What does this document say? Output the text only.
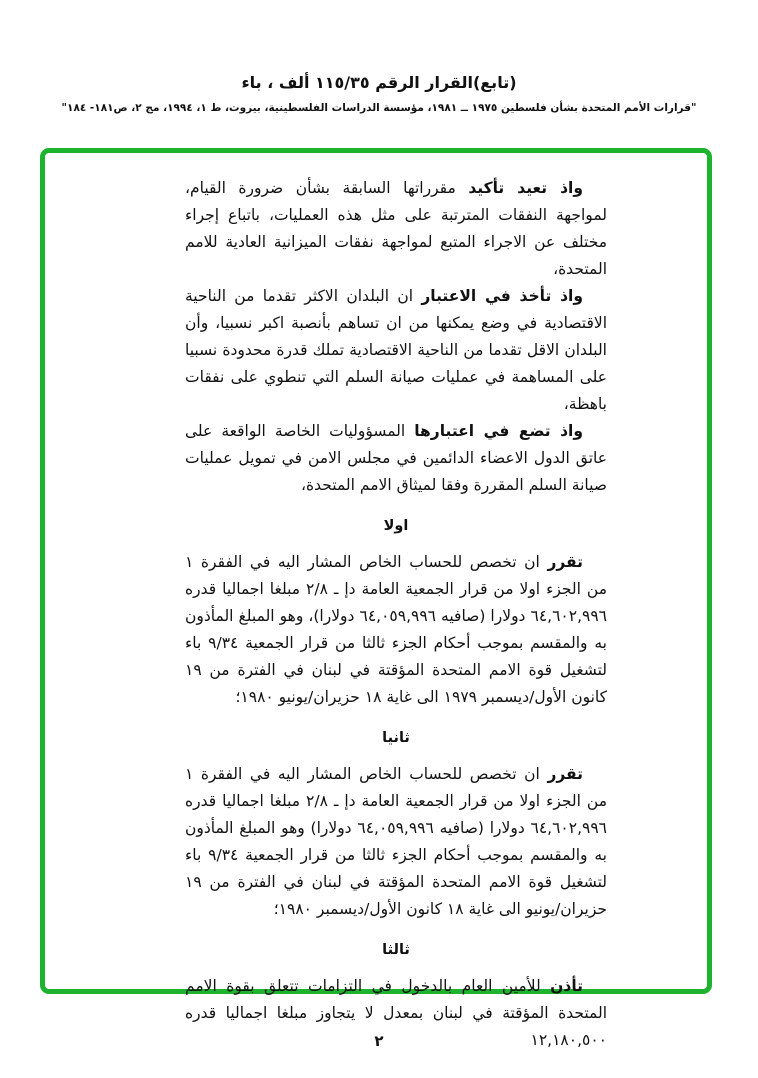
(تابع)القرار الرقم ١١٥/٣٥ ألف ، باء
"قرارات الأمم المتحدة بشأن فلسطين ١٩٧٥ ــ ١٩٨١، مؤسسة الدراسات الفلسطينية، بيروت، ط ١، ١٩٩٤، مج ٢، ص١٨١- ١٨٤"

واذ تعيد تأكيد مقرراتها السابقة بشأن ضرورة القيام، لمواجهة النفقات المترتبة على مثل هذه العمليات، باتباع إجراء مختلف عن الاجراء المتبع لمواجهة نفقات الميزانية العادية للامم المتحدة،

واذ تأخذ في الاعتبار ان البلدان الاكثر تقدما من الناحية الاقتصادية في وضع يمكنها من ان تساهم بأنصبة اكبر نسبيا، وأن البلدان الاقل تقدما من الناحية الاقتصادية تملك قدرة محدودة نسبيا على المساهمة في عمليات صيانة السلم التي تنطوي على نفقات باهظة،

واذ تضع في اعتبارها المسؤوليات الخاصة الواقعة على عاتق الدول الاعضاء الدائمين في مجلس الامن في تمويل عمليات صيانة السلم المقررة وفقا لميثاق الامم المتحدة،

اولا

تقرر ان تخصص للحساب الخاص المشار اليه في الفقرة ١ من الجزء اولا من قرار الجمعية العامة دإ ـ ٢/٨ مبلغا اجماليا قدره ٦٤,٦٠٢,٩٩٦ دولارا (صافيه ٦٤,٠٥٩,٩٩٦ دولارا)، وهو المبلغ المأذون به والمقسم بموجب أحكام الجزء ثالثا من قرار الجمعية ٩/٣٤ باء لتشغيل قوة الامم المتحدة المؤقتة في لبنان في الفترة من ١٩ كانون الأول/ديسمبر ١٩٧٩ الى غاية ١٨ حزيران/يونيو ١٩٨٠؛

ثانيا

تقرر ان تخصص للحساب الخاص المشار اليه في الفقرة ١ من الجزء اولا من قرار الجمعية العامة دإ ـ ٢/٨ مبلغا اجماليا قدره ٦٤,٦٠٢,٩٩٦ دولارا (صافيه ٦٤,٠٥٩,٩٩٦ دولارا) وهو المبلغ المأذون به والمقسم بموجب أحكام الجزء ثالثا من قرار الجمعية ٩/٣٤ باء لتشغيل قوة الامم المتحدة المؤقتة في لبنان في الفترة من ١٩ حزيران/يونيو الى غاية ١٨ كانون الأول/ديسمبر ١٩٨٠؛

ثالثا

تأذن للأمين العام بالدخول في التزامات تتعلق بقوة الامم المتحدة المؤقتة في لبنان بمعدل لا يتجاوز مبلغا اجماليا قدره ١٢,١٨٠,٥٠٠

٢
